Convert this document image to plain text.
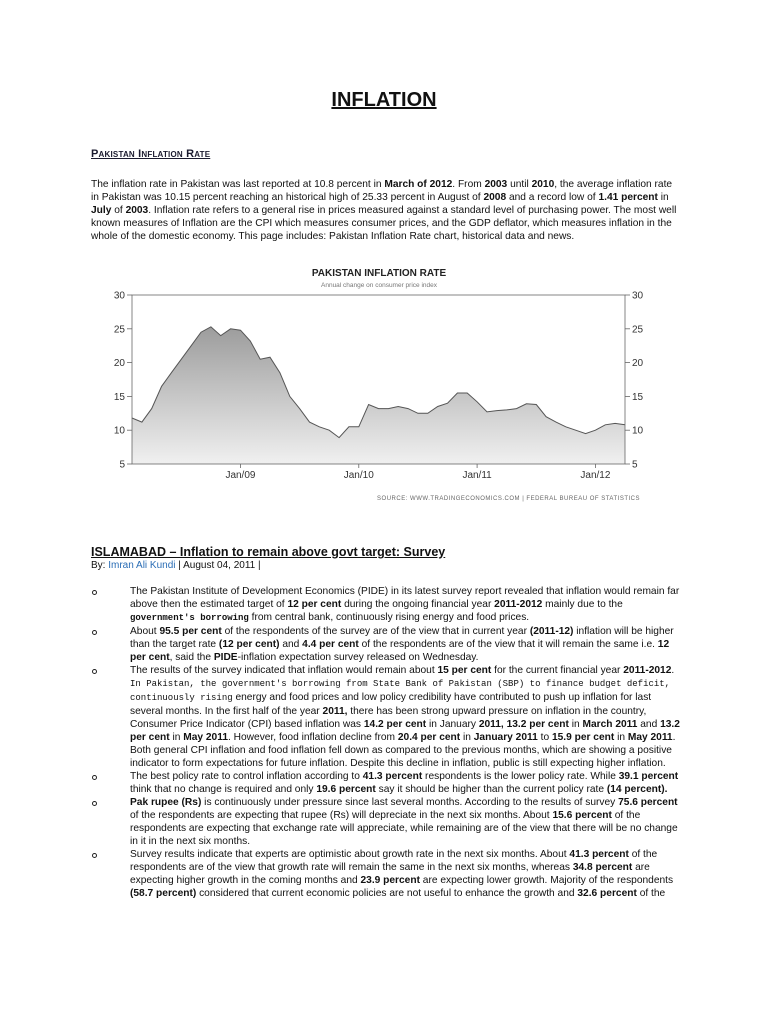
INFLATION
Pakistan Inflation Rate

The inflation rate in Pakistan was last reported at 10.8 percent in March of 2012. From 2003 until 2010, the average inflation rate in Pakistan was 10.15 percent reaching an historical high of 25.33 percent in August of 2008 and a record low of 1.41 percent in July of 2003. Inflation rate refers to a general rise in prices measured against a standard level of purchasing power. The most well known measures of Inflation are the CPI which measures consumer prices, and the GDP deflator, which measures inflation in the whole of the domestic economy. This page includes: Pakistan Inflation Rate chart, historical data and news.

PAKISTAN INFLATION RATE
Annual change on consumer price index
5	5
10	10
15	15
20	20
25	25
30	30
Jan/09	Jan/10	Jan/11	Jan/12
SOURCE: WWW.TRADINGECONOMICS.COM | FEDERAL BUREAU OF STATISTICS
ISLAMABAD – Inflation to remain above govt target: Survey
By: Imran Ali Kundi | August 04, 2011 |
The Pakistan Institute of Development Economics (PIDE) in its latest survey report revealed that inflation would remain far above then the estimated target of 12 per cent during the ongoing financial year 2011-2012 mainly due to the government's borrowing from central bank, continuously rising energy and food prices.
About 95.5 per cent of the respondents of the survey are of the view that in current year (2011-12) inflation will be higher than the target rate (12 per cent) and 4.4 per cent of the respondents are of the view that it will remain the same i.e. 12 per cent, said the PIDE-inflation expectation survey released on Wednesday.
The results of the survey indicated that inflation would remain about 15 per cent for the current financial year 2011-2012. In Pakistan, the government's borrowing from State Bank of Pakistan (SBP) to finance budget deficit, continuously rising energy and food prices and low policy credibility have contributed to push up inflation for last several months. In the first half of the year 2011, there has been strong upward pressure on inflation in the country, Consumer Price Indicator (CPI) based inflation was 14.2 per cent in January 2011, 13.2 per cent in March 2011 and 13.2 per cent in May 2011. However, food inflation decline from 20.4 per cent in January 2011 to 15.9 per cent in May 2011. Both general CPI inflation and food inflation fell down as compared to the previous months, which are showing a positive indicator to form expectations for future inflation. Despite this decline in inflation, public is still expecting higher inflation.
The best policy rate to control inflation according to 41.3 percent respondents is the lower policy rate. While 39.1 percent think that no change is required and only 19.6 percent say it should be higher than the current policy rate (14 percent).
Pak rupee (Rs) is continuously under pressure since last several months. According to the results of survey 75.6 percent of the respondents are expecting that rupee (Rs) will depreciate in the next six months. About 15.6 percent of the respondents are expecting that exchange rate will appreciate, while remaining are of the view that there will be no change in it in the next six months.
Survey results indicate that experts are optimistic about growth rate in the next six months. About 41.3 percent of the respondents are of the view that growth rate will remain the same in the next six months, whereas 34.8 percent are expecting higher growth in the coming months and 23.9 percent are expecting lower growth. Majority of the respondents (58.7 percent) considered that current economic policies are not useful to enhance the growth and 32.6 percent of the
